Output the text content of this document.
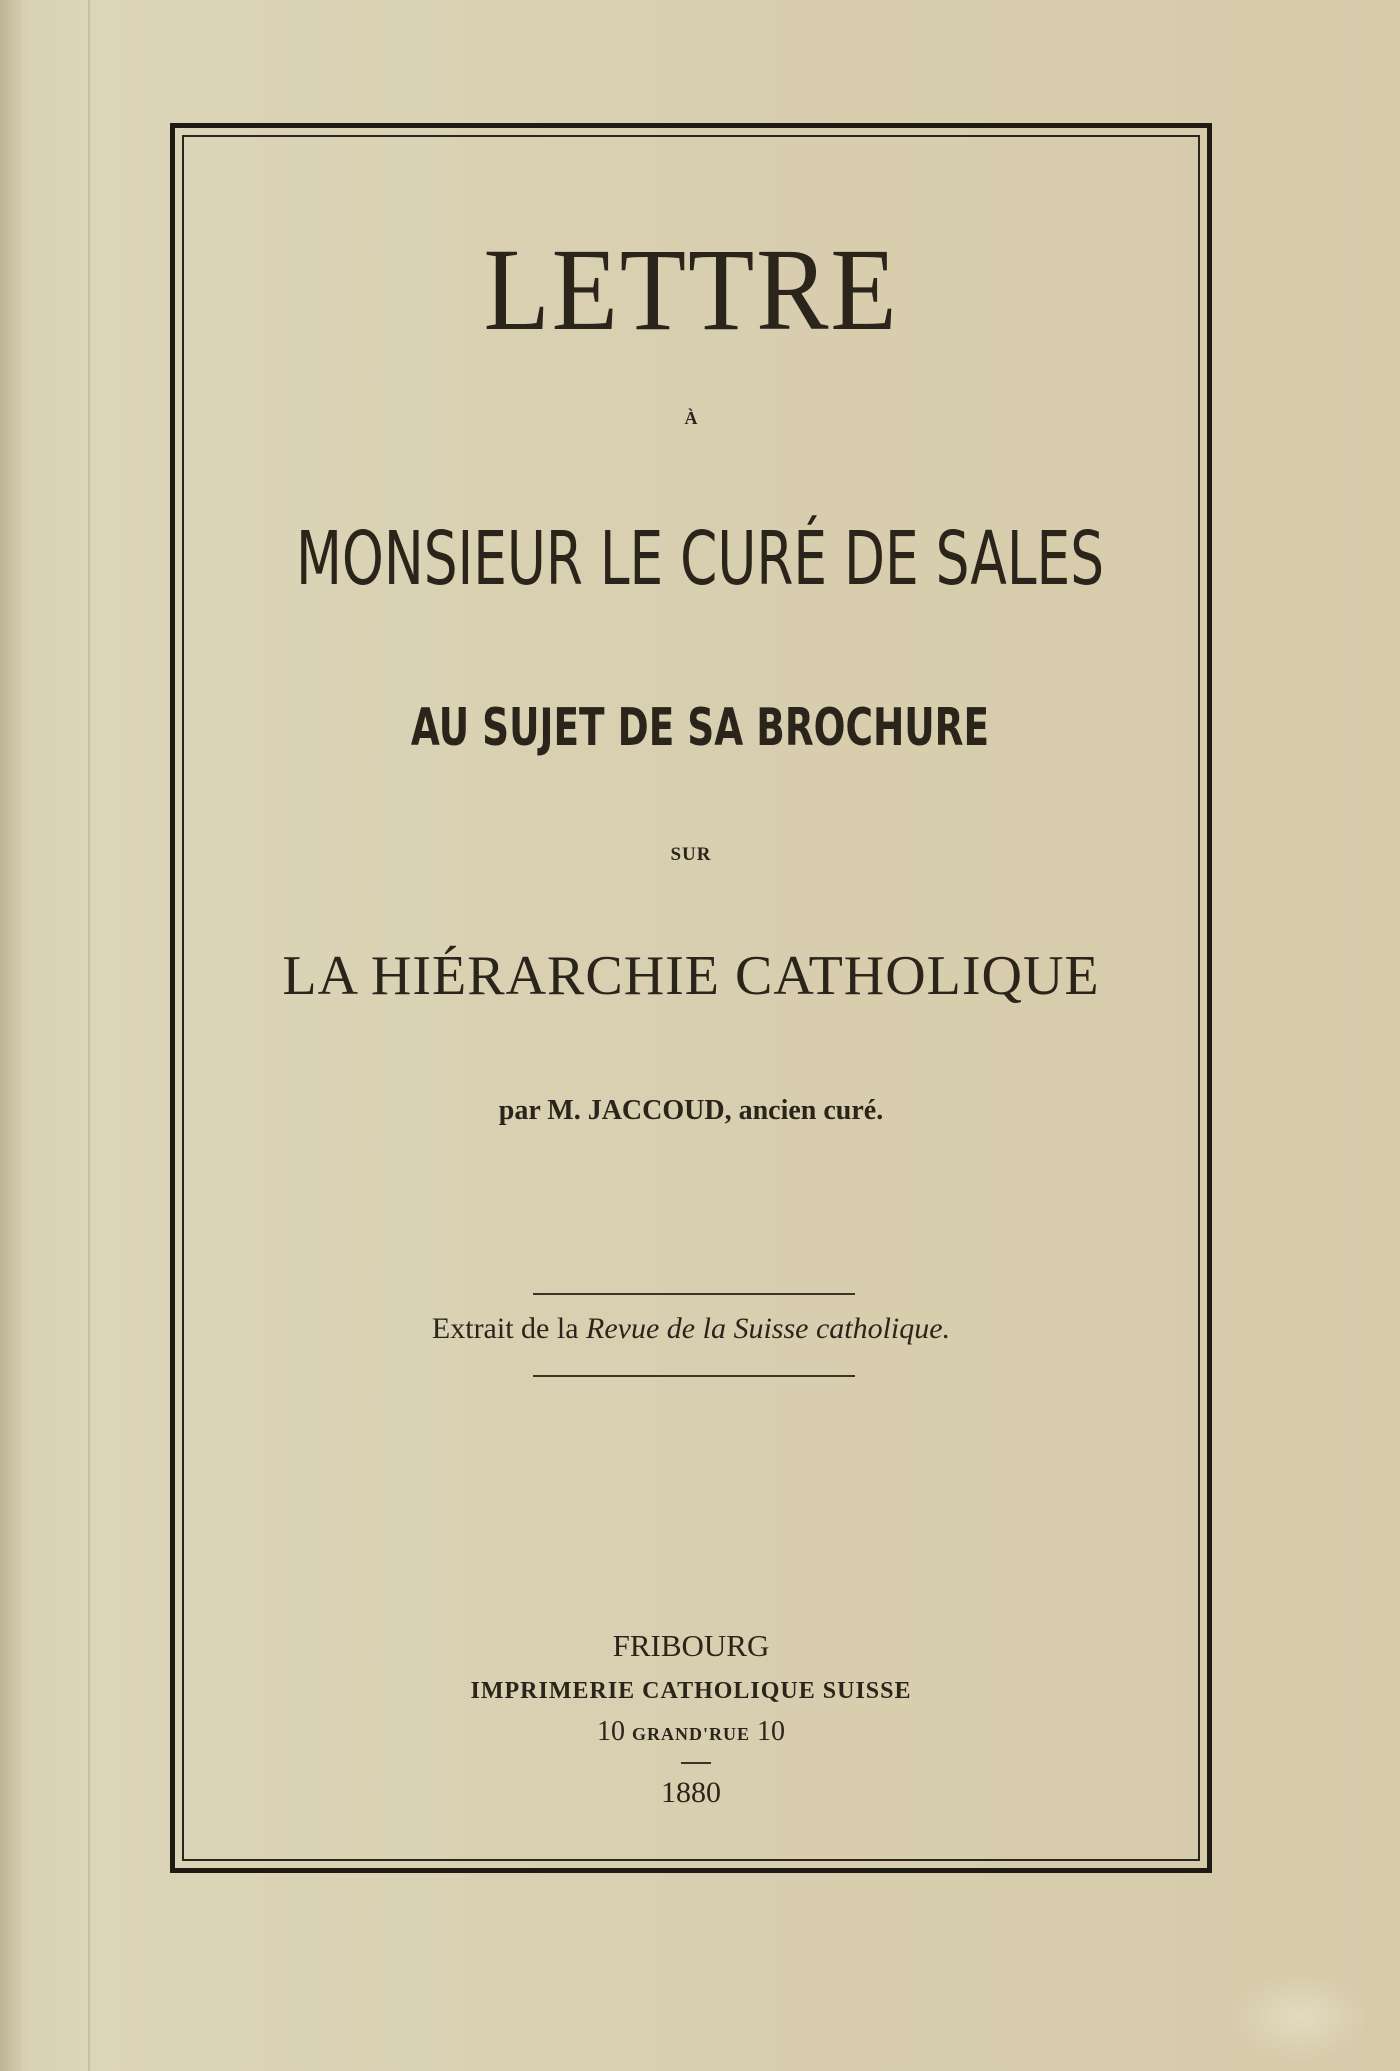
LETTRE
À
MONSIEUR LE CURÉ DE SALES
AU SUJET DE SA BROCHURE
SUR
LA HIÉRARCHIE CATHOLIQUE
par M. JACCOUD, ancien curé.
Extrait de la Revue de la Suisse catholique.
FRIBOURG
IMPRIMERIE CATHOLIQUE SUISSE
10 GRAND'RUE 10
1880
